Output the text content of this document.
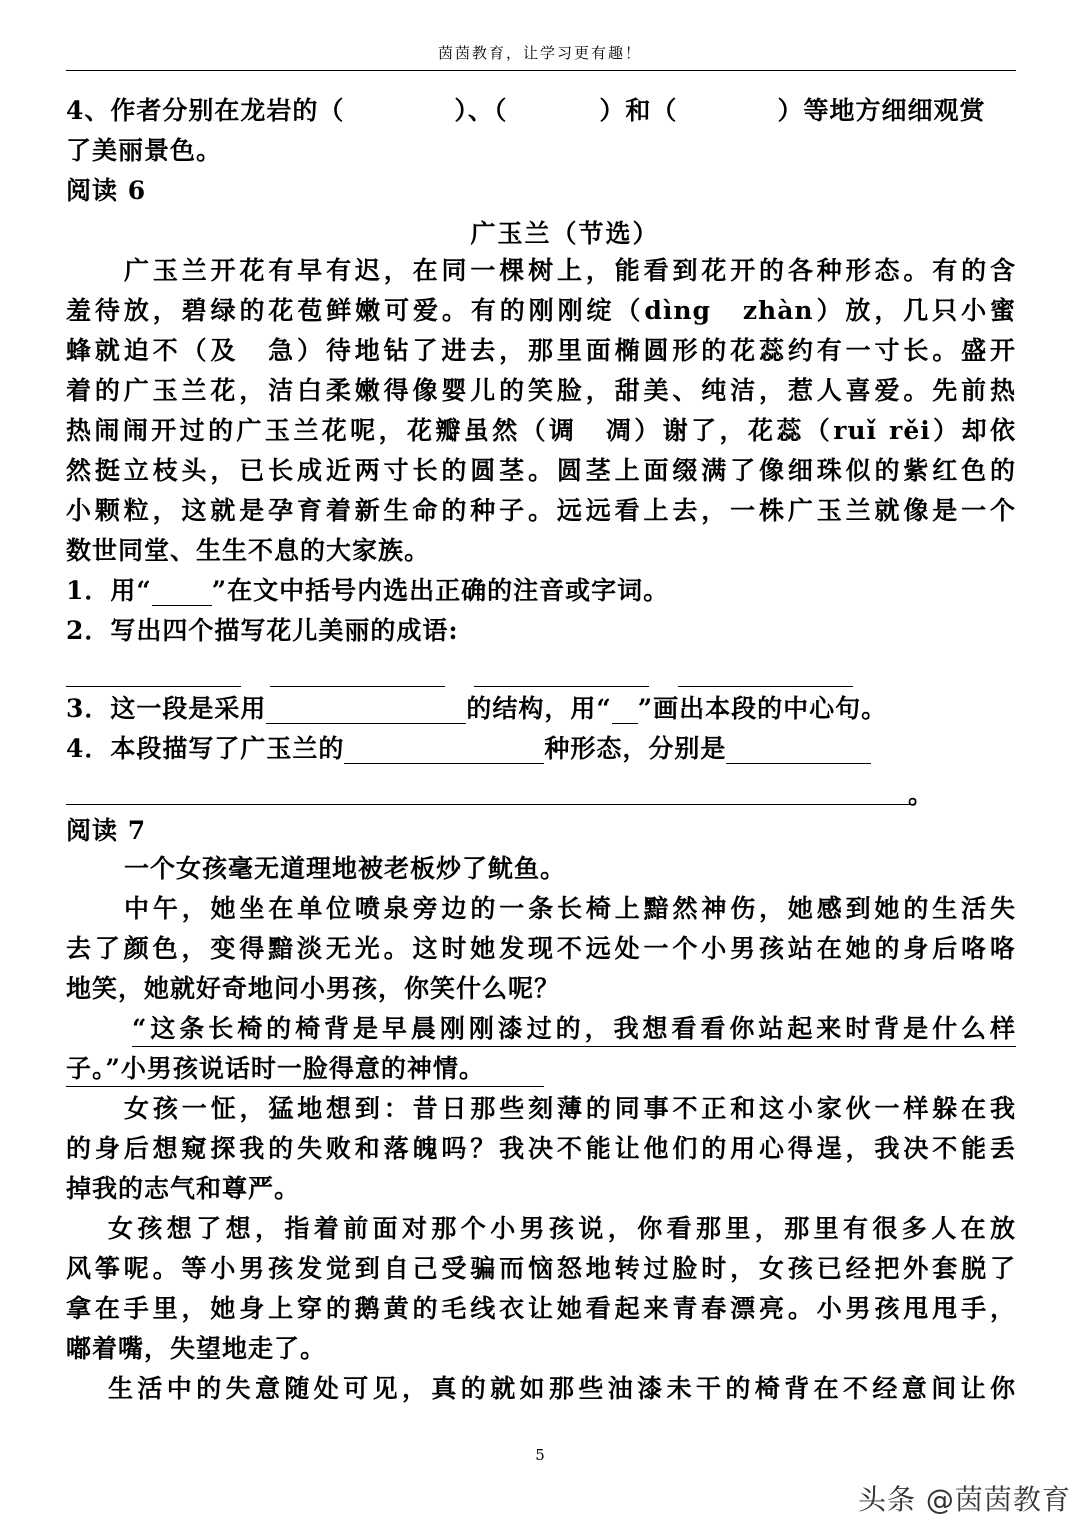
茵茵教育，让学习更有趣！
4、作者分别在龙岩的（	）、（	）和（	）等地方细细观赏
了美丽景色。
阅读 6
广玉兰（节选）
广玉兰开花有早有迟，在同一棵树上，能看到花开的各种形态。有的含
羞待放，碧绿的花苞鲜嫩可爱。有的刚刚绽（dìng　zhàn）放，几只小蜜
蜂就迫不（及　急）待地钻了进去，那里面椭圆形的花蕊约有一寸长。盛开
着的广玉兰花，洁白柔嫩得像婴儿的笑脸，甜美、纯洁，惹人喜爱。先前热
热闹闹开过的广玉兰花呢，花瓣虽然（调　凋）谢了，花蕊（ruǐ rěi）却依
然挺立枝头，已长成近两寸长的圆茎。圆茎上面缀满了像细珠似的紫红色的
小颗粒，这就是孕育着新生命的种子。远远看上去，一株广玉兰就像是一个
数世同堂、生生不息的大家族。
1．用“ ”在文中括号内选出正确的注音或字词。
2．写出四个描写花儿美丽的成语:
3．这一段是采用	的结构，用“ ”画出本段的中心句。
4．本段描写了广玉兰的	种形态，分别是
。
阅读 7
一个女孩毫无道理地被老板炒了鱿鱼。
中午，她坐在单位喷泉旁边的一条长椅上黯然神伤，她感到她的生活失
去了颜色，变得黯淡无光。这时她发现不远处一个小男孩站在她的身后咯咯
地笑，她就好奇地问小男孩，你笑什么呢？
“这条长椅的椅背是早晨刚刚漆过的，我想看看你站起来时背是什么样
子。”小男孩说话时一脸得意的神情。
女孩一怔，猛地想到：昔日那些刻薄的同事不正和这小家伙一样躲在我
的身后想窥探我的失败和落魄吗？我决不能让他们的用心得逞，我决不能丢
掉我的志气和尊严。
女孩想了想，指着前面对那个小男孩说，你看那里，那里有很多人在放
风筝呢。等小男孩发觉到自己受骗而恼怒地转过脸时，女孩已经把外套脱了
拿在手里，她身上穿的鹅黄的毛线衣让她看起来青春漂亮。小男孩甩甩手，
嘟着嘴，失望地走了。
生活中的失意随处可见，真的就如那些油漆未干的椅背在不经意间让你
5
头条 @茵茵教育
